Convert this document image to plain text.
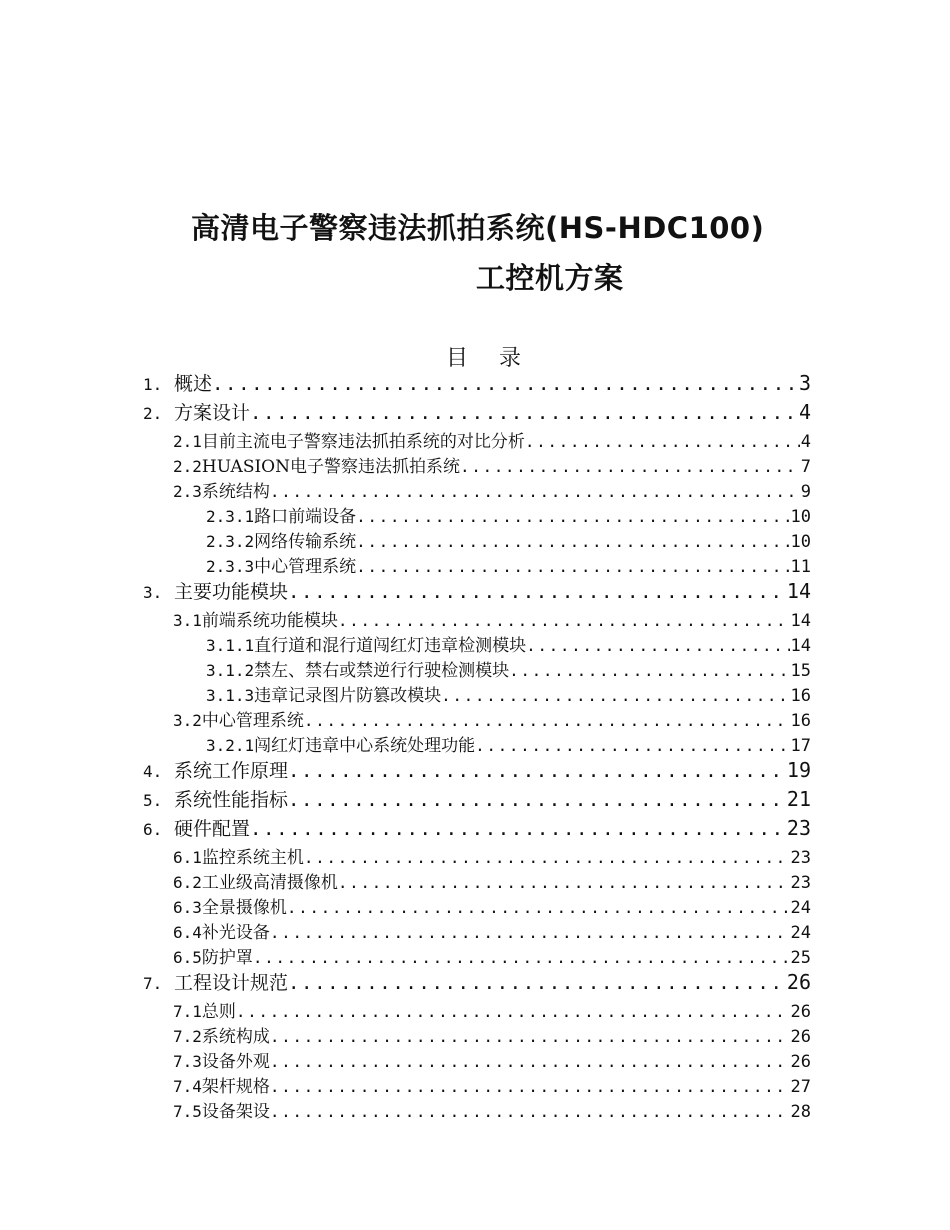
高清电子警察违法抓拍系统(HS-HDC100)
工控机方案
目 录
1. 概述 .....	3
2. 方案设计 .....	4
2.1 目前主流电子警察违法抓拍系统的对比分析 .....	4
2.2 HUASION电子警察违法抓拍系统 .....	7
2.3 系统结构 .....	9
2.3.1 路口前端设备 .....	10
2.3.2 网络传输系统 .....	10
2.3.3 中心管理系统 .....	11
3. 主要功能模块 .....	14
3.1 前端系统功能模块 .....	14
3.1.1 直行道和混行道闯红灯违章检测模块 .....	14
3.1.2 禁左、禁右或禁逆行行驶检测模块 .....	15
3.1.3 违章记录图片防篡改模块 .....	16
3.2 中心管理系统 .....	16
3.2.1 闯红灯违章中心系统处理功能 .....	17
4. 系统工作原理 .....	19
5. 系统性能指标 .....	21
6. 硬件配置 .....	23
6.1 监控系统主机 .....	23
6.2 工业级高清摄像机 .....	23
6.3 全景摄像机 .....	24
6.4 补光设备 .....	24
6.5 防护罩 .....	25
7. 工程设计规范 .....	26
7.1 总则 .....	26
7.2 系统构成 .....	26
7.3 设备外观 .....	26
7.4 架杆规格 .....	27
7.5 设备架设 .....	28
